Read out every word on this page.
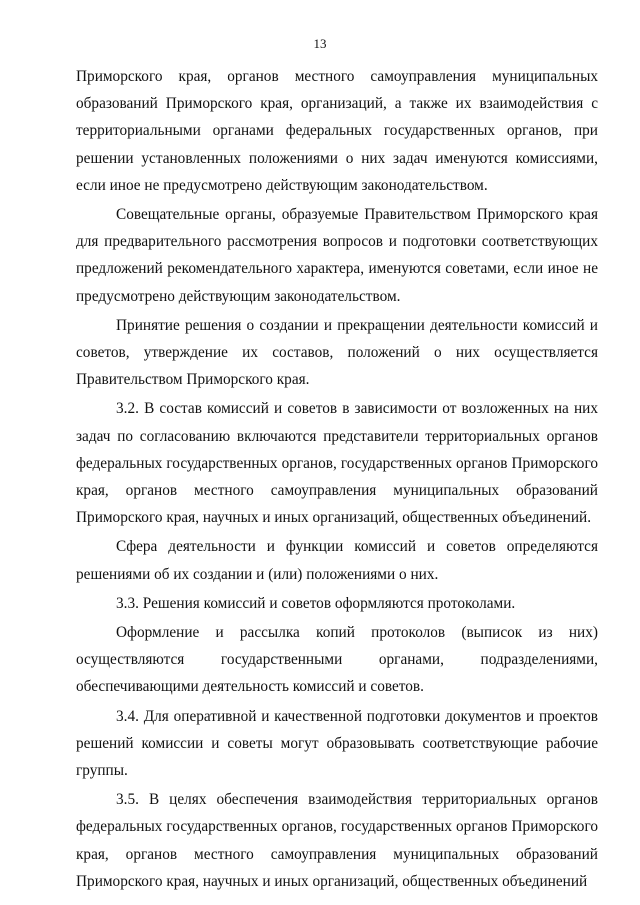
13

Приморского края, органов местного самоуправления муниципальных образований Приморского края, организаций, а также их взаимодействия с территориальными органами федеральных государственных органов, при решении установленных положениями о них задач именуются комиссиями, если иное не предусмотрено действующим законодательством.

Совещательные органы, образуемые Правительством Приморского края для предварительного рассмотрения вопросов и подготовки соответствующих предложений рекомендательного характера, именуются советами, если иное не предусмотрено действующим законодательством.

Принятие решения о создании и прекращении деятельности комиссий и советов, утверждение их составов, положений о них осуществляется Правительством Приморского края.

3.2. В состав комиссий и советов в зависимости от возложенных на них задач по согласованию включаются представители территориальных органов федеральных государственных органов, государственных органов Приморского края, органов местного самоуправления муниципальных образований Приморского края, научных и иных организаций, общественных объединений.

Сфера деятельности и функции комиссий и советов определяются решениями об их создании и (или) положениями о них.

3.3. Решения комиссий и советов оформляются протоколами.

Оформление и рассылка копий протоколов (выписок из них) осуществляются государственными органами, подразделениями, обеспечивающими деятельность комиссий и советов.

3.4. Для оперативной и качественной подготовки документов и проектов решений комиссии и советы могут образовывать соответствующие рабочие группы.

3.5. В целях обеспечения взаимодействия территориальных органов федеральных государственных органов, государственных органов Приморского края, органов местного самоуправления муниципальных образований Приморского края, научных и иных организаций, общественных объединений
